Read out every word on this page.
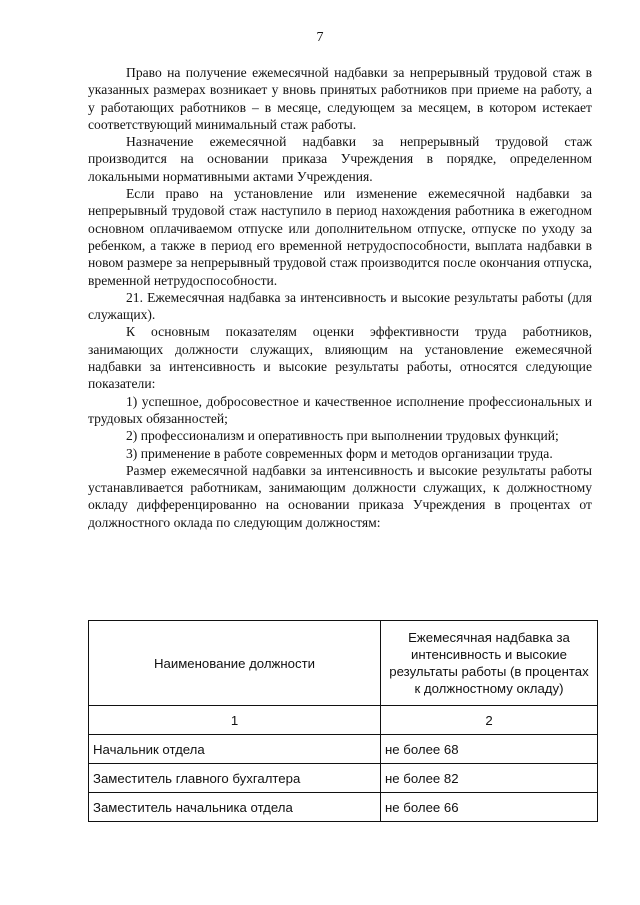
7

Право на получение ежемесячной надбавки за непрерывный трудовой стаж в указанных размерах возникает у вновь принятых работников при приеме на работу, а у работающих работников – в месяце, следующем за месяцем, в котором истекает соответствующий минимальный стаж работы.

Назначение ежемесячной надбавки за непрерывный трудовой стаж производится на основании приказа Учреждения в порядке, определенном локальными нормативными актами Учреждения.

Если право на установление или изменение ежемесячной надбавки за непрерывный трудовой стаж наступило в период нахождения работника в ежегодном основном оплачиваемом отпуске или дополнительном отпуске, отпуске по уходу за ребенком, а также в период его временной нетрудоспособности, выплата надбавки в новом размере за непрерывный трудовой стаж производится после окончания отпуска, временной нетрудоспособности.

21. Ежемесячная надбавка за интенсивность и высокие результаты работы (для служащих).

К основным показателям оценки эффективности труда работников, занимающих должности служащих, влияющим на установление ежемесячной надбавки за интенсивность и высокие результаты работы, относятся следующие показатели:

1) успешное, добросовестное и качественное исполнение профессиональных и трудовых обязанностей;

2) профессионализм и оперативность при выполнении трудовых функций;

3) применение в работе современных форм и методов организации труда.

Размер ежемесячной надбавки за интенсивность и высокие результаты работы устанавливается работникам, занимающим должности служащих, к должностному окладу дифференцированно на основании приказа Учреждения в процентах от должностного оклада по следующим должностям:

Наименование должности	Ежемесячная надбавка за интенсивность и высокие результаты работы (в процентах к должностному окладу)
1	2
Начальник отдела	не более 68
Заместитель главного бухгалтера	не более 82
Заместитель начальника отдела	не более 66
